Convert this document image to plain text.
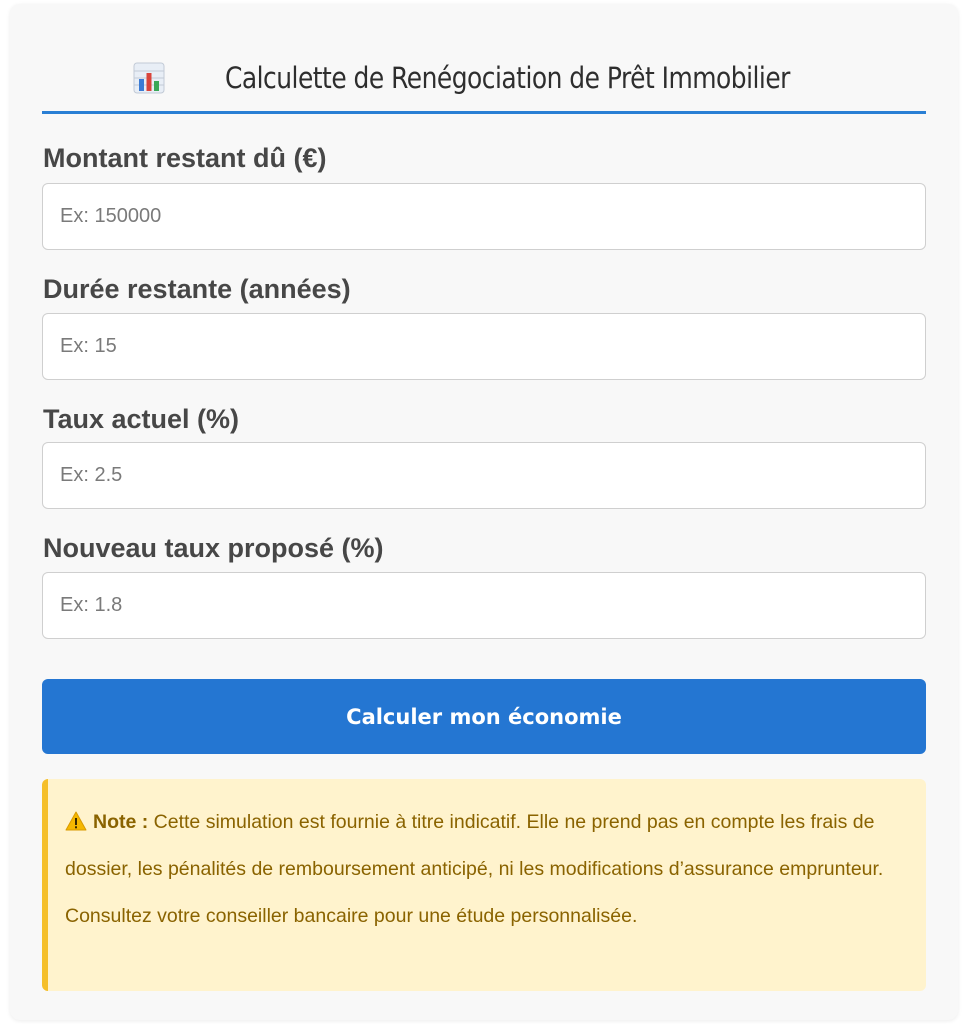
Calculette de Renégociation de Prêt Immobilier
Montant restant dû (€)
Ex: 150000
Durée restante (années)
Ex: 15
Taux actuel (%)
Ex: 2.5
Nouveau taux proposé (%)
Ex: 1.8
Calculer mon économie
Note : Cette simulation est fournie à titre indicatif. Elle ne prend pas en compte les frais de dossier, les pénalités de remboursement anticipé, ni les modifications d’assurance emprunteur. Consultez votre conseiller bancaire pour une étude personnalisée.
